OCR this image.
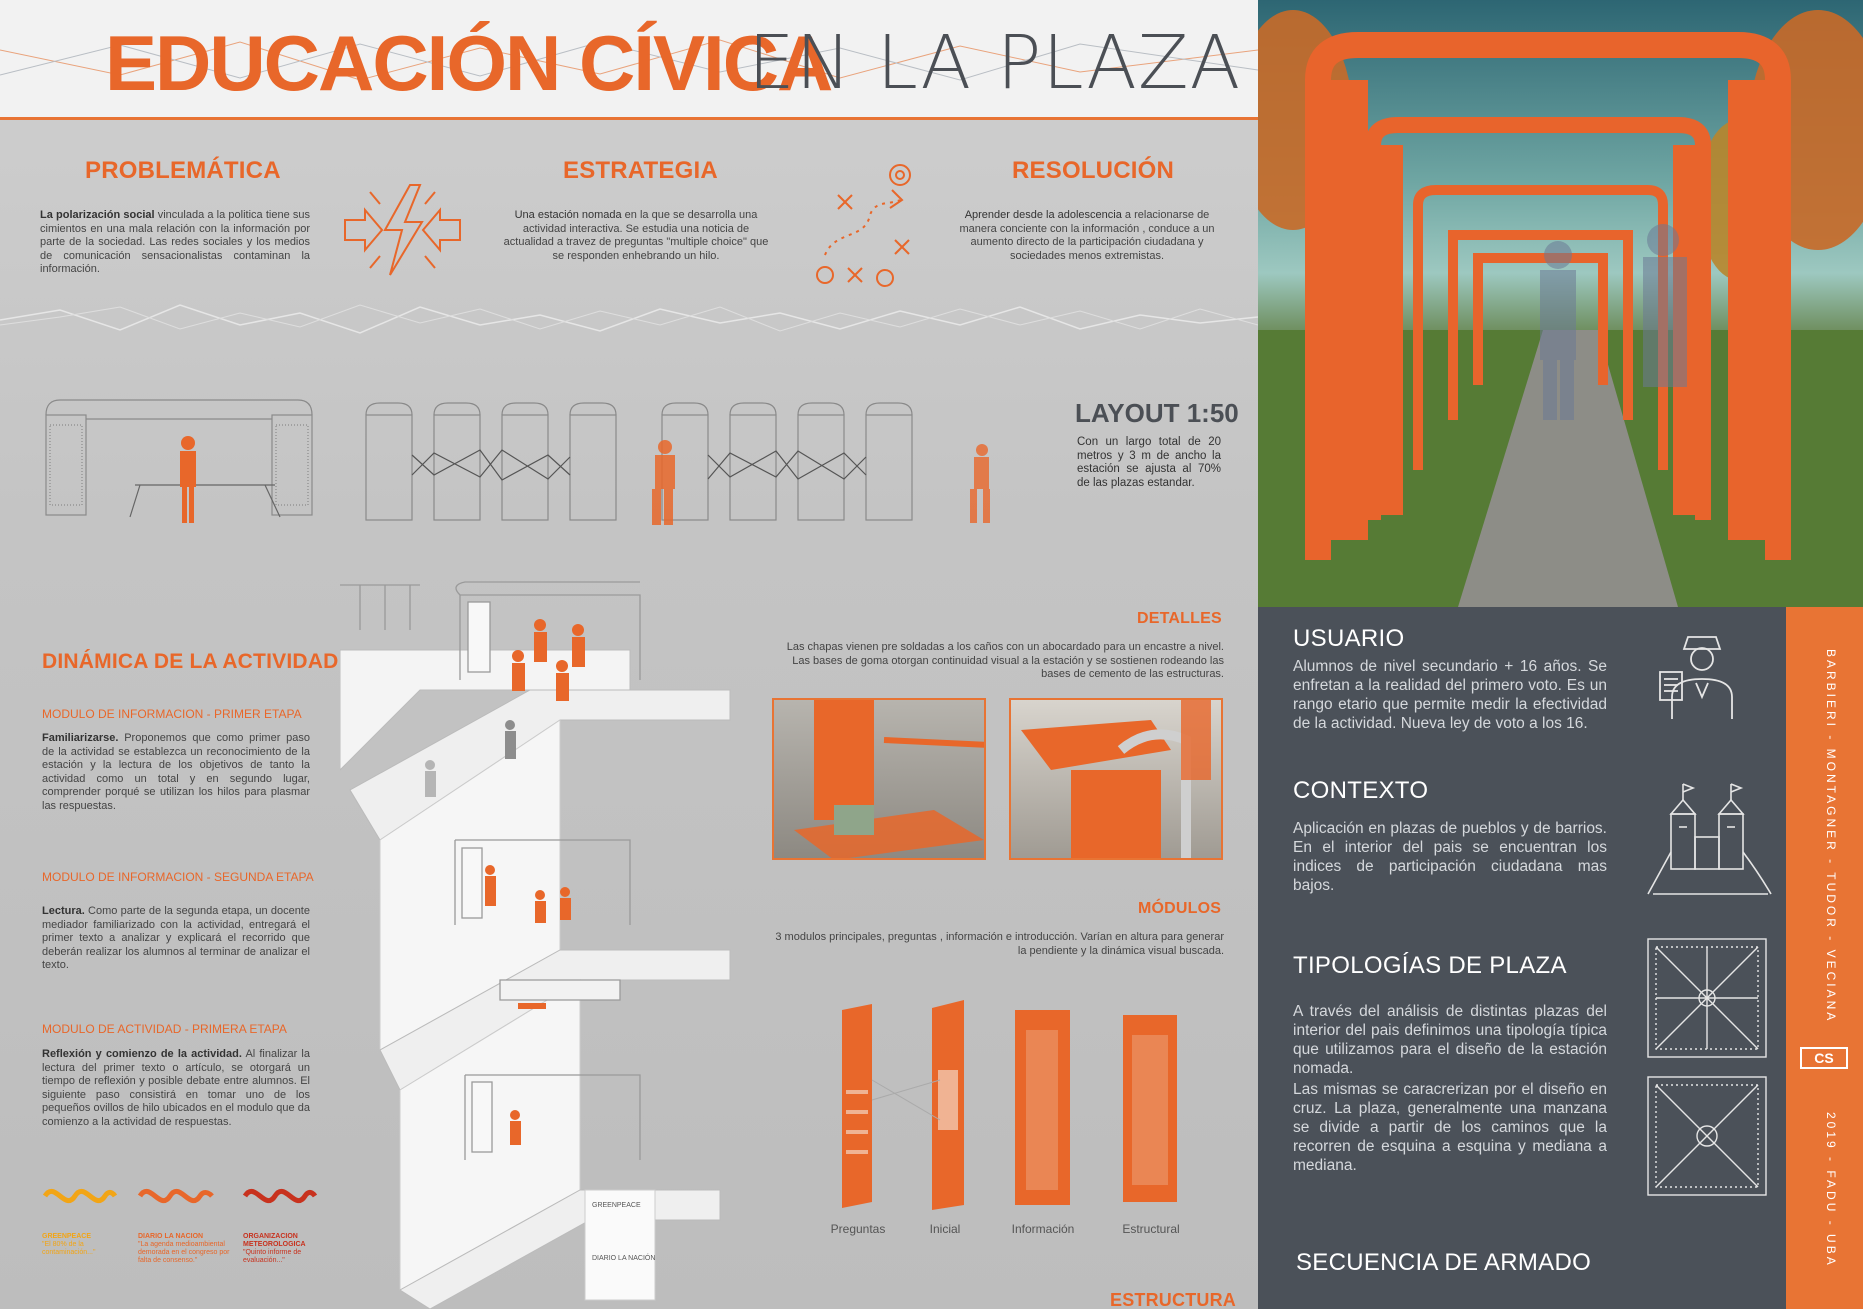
EDUCACIÓN CÍVICA
EN LA PLAZA
PROBLEMÁTICA
La polarización social vinculada a la politica tiene sus cimientos en una mala relación con la información por parte de la sociedad. Las redes sociales y los medios de comunicación sensacionalistas contaminan la información.
ESTRATEGIA
Una estación nomada en la que se desarrolla una actividad interactiva. Se estudia una noticia de actualidad a travez de preguntas "multiple choice" que se responden enhebrando un hilo.
RESOLUCIÓN
Aprender desde la adolescencia a relacionarse de manera conciente con la información , conduce a un aumento directo de la participación ciudadana y sociedades menos extremistas.
LAYOUT 1:50
Con un largo total de 20 metros y 3 m de ancho la estación se ajusta al 70% de las plazas estandar.
DINÁMICA DE LA ACTIVIDAD
MODULO DE INFORMACION - PRIMER ETAPA
Familiarizarse. Proponemos que como primer paso de la actividad se establezca un reconocimiento de la estación y la lectura de los objetivos de tanto la actividad como un total y en segundo lugar, comprender porqué se utilizan los hilos para plasmar las respuestas.
MODULO DE INFORMACION - SEGUNDA ETAPA
Lectura. Como parte de la segunda etapa, un docente mediador familiarizado con la actividad, entregará el primer texto a analizar y explicará el recorrido que deberán realizar los alumnos al terminar de analizar el texto.
MODULO DE ACTIVIDAD - PRIMERA ETAPA
Reflexión y comienzo de la actividad. Al finalizar la lectura del primer texto o artículo, se otorgará un tiempo de reflexión y posible debate entre alumnos. El siguiente paso consistirá en tomar uno de los pequeños ovillos de hilo ubicados en el modulo que da comienzo a la actividad de respuestas.
GREENPEACE
"El 80% de la contaminación..."
DIARIO LA NACION
"La agenda medioambiental demorada en el congreso por falta de consenso."
ORGANIZACION METEOROLOGICA
"Quinto informe de evaluación..."
GREENPEACE
DIARIO LA NACIÓN
DETALLES
Las chapas vienen pre soldadas a los caños con un abocardado para un encastre a nivel. Las bases de goma otorgan continuidad visual a la estación y se sostienen rodeando las bases de cemento de las estructuras.
MÓDULOS
3 modulos principales, preguntas , información e introducción. Varían en altura para generar la pendiente y la dinámica visual buscada.
Preguntas	Inicial	Información	Estructural
ESTRUCTURA
USUARIO
Alumnos de nivel secundario + 16 años. Se enfretan a la realidad del primero voto. Es un rango etario que permite medir la efectividad de la actividad. Nueva ley de voto a los 16.
CONTEXTO
Aplicación en plazas de pueblos y de barrios. En el interior del pais se encuentran los indices de participación ciudadana mas bajos.
TIPOLOGÍAS DE PLAZA
A través del análisis de distintas plazas del interior del pais definimos una tipología típica que utilizamos para el diseño de la estación nomada.
Las mismas se caracrerizan por el diseño en cruz. La plaza, generalmente una manzana se divide a partir de los caminos que la recorren de esquina a esquina y mediana a mediana.
SECUENCIA DE ARMADO
BARBIERI - MONTAGNER - TUDOR - VECIANA
CS
2019 - FADU - UBA
